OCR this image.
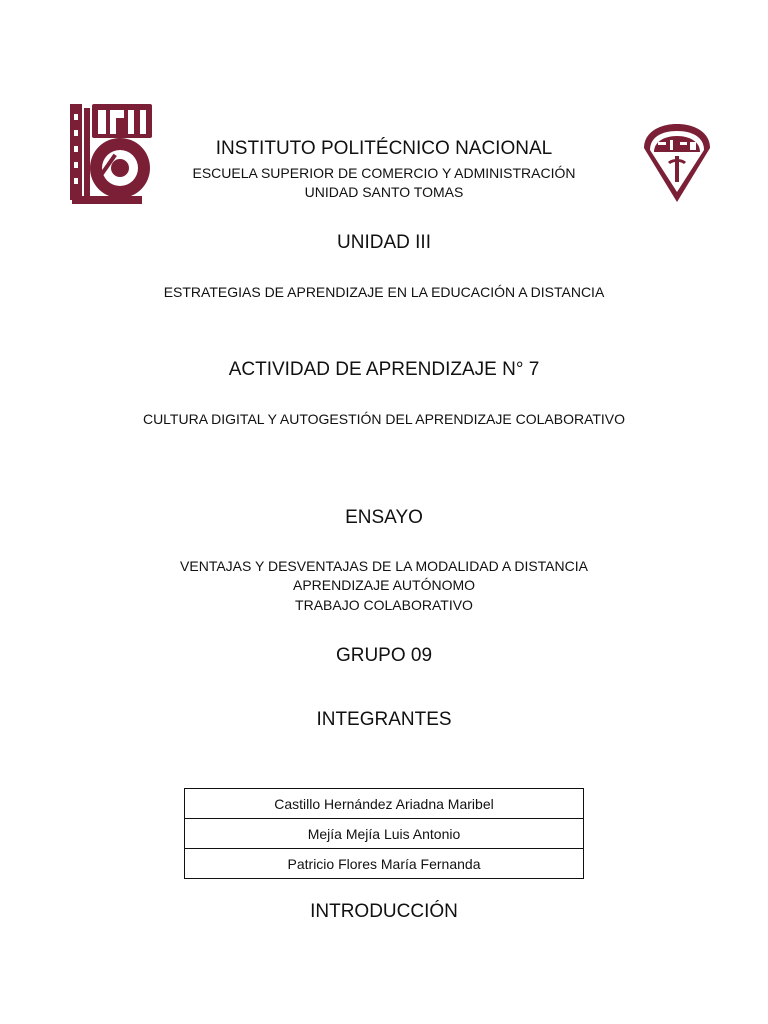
INSTITUTO POLITÉCNICO NACIONAL
ESCUELA SUPERIOR DE COMERCIO Y ADMINISTRACIÓN
UNIDAD SANTO TOMAS
UNIDAD III
ESTRATEGIAS DE APRENDIZAJE EN LA EDUCACIÓN A DISTANCIA
ACTIVIDAD DE APRENDIZAJE N° 7
CULTURA DIGITAL Y AUTOGESTIÓN DEL APRENDIZAJE COLABORATIVO
ENSAYO
VENTAJAS Y DESVENTAJAS DE LA MODALIDAD A DISTANCIA
APRENDIZAJE AUTÓNOMO
TRABAJO COLABORATIVO
GRUPO 09
INTEGRANTES
Castillo Hernández Ariadna Maribel
Mejía Mejía Luis Antonio
Patricio Flores María Fernanda
INTRODUCCIÓN
